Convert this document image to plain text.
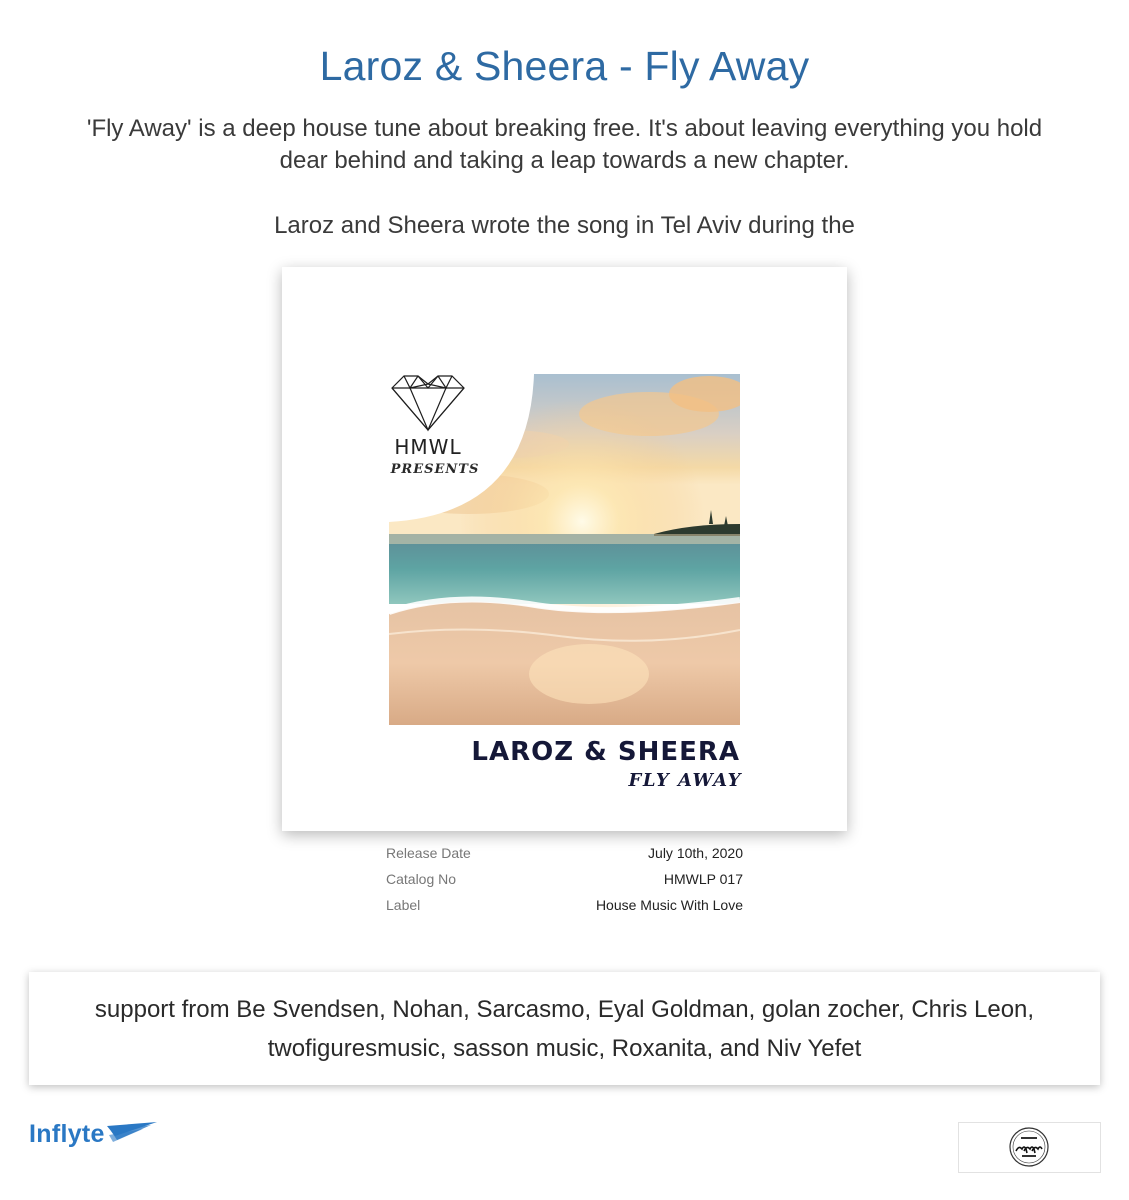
Laroz & Sheera - Fly Away

'Fly Away' is a deep house tune about breaking free. It's about leaving everything you hold dear behind and taking a leap towards a new chapter.

Laroz and Sheera wrote the song in Tel Aviv during the

HMWL
PRESENTS
LAROZ & SHEERA
FLY AWAY
Release Date	July 10th, 2020
Catalog No	HMWLP 017
Label	House Music With Love

support from Be Svendsen, Nohan, Sarcasmo, Eyal Goldman, golan zocher, Chris Leon, twofiguresmusic, sasson music, Roxanita, and Niv Yefet

Inflyte
